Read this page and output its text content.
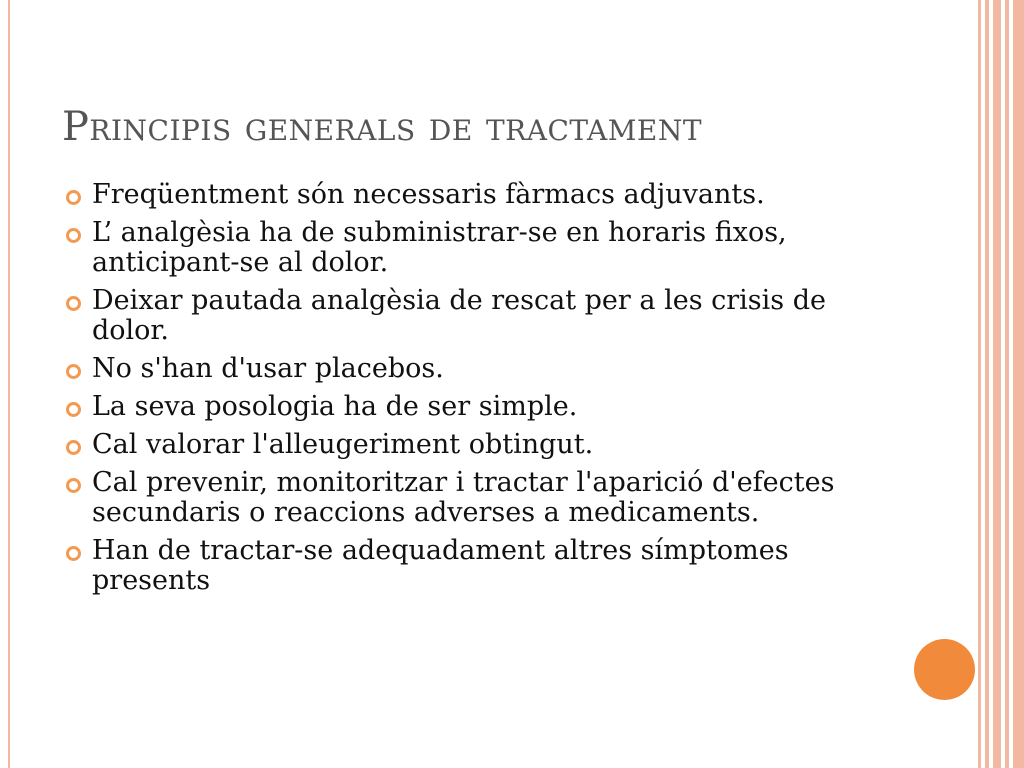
Principis generals de tractament
Freqüentment són necessaris fàrmacs adjuvants.
L’ analgèsia ha de subministrar-se en horaris fixos, anticipant-se al dolor.
Deixar pautada analgèsia de rescat per a les crisis de dolor.
No s'han d'usar placebos.
La seva posologia ha de ser simple.
Cal valorar l'alleugeriment obtingut.
Cal prevenir, monitoritzar i tractar l'aparició d'efectes secundaris o reaccions adverses a medicaments.
Han de tractar-se adequadament altres símptomes presents
